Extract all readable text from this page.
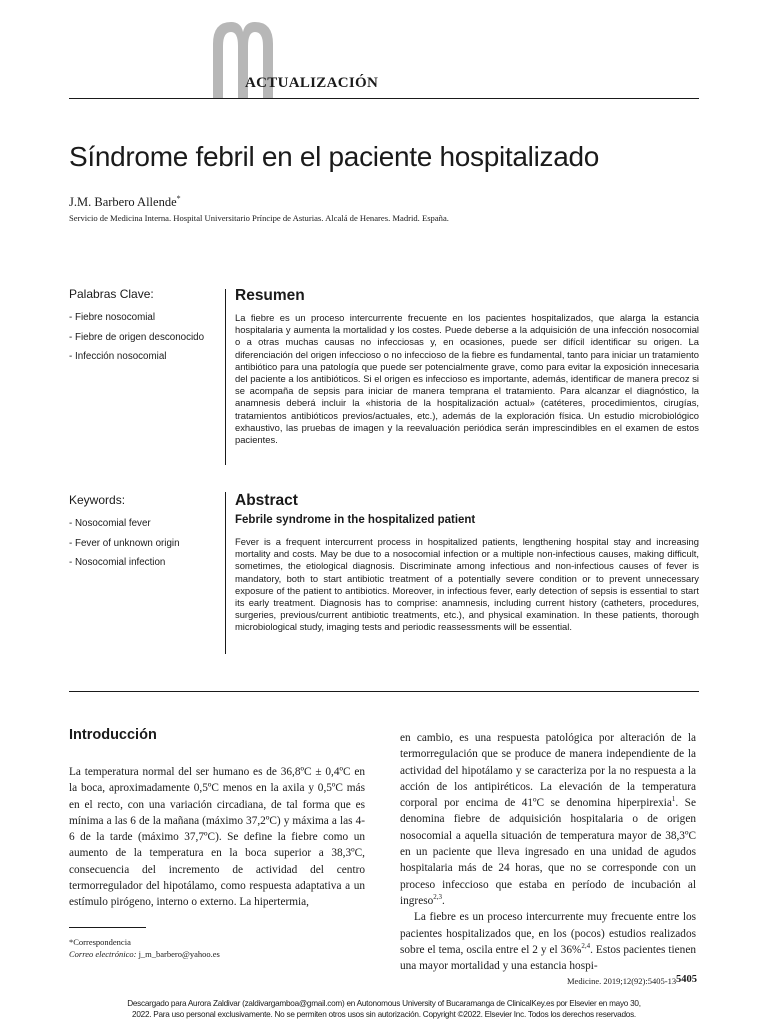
ACTUALIZACIÓN
Síndrome febril en el paciente hospitalizado
J.M. Barbero Allende*
Servicio de Medicina Interna. Hospital Universitario Príncipe de Asturias. Alcalá de Henares. Madrid. España.
Palabras Clave:
- Fiebre nosocomial
- Fiebre de origen desconocido
- Infección nosocomial
Resumen

La fiebre es un proceso intercurrente frecuente en los pacientes hospitalizados, que alarga la estancia hospitalaria y aumenta la mortalidad y los costes. Puede deberse a la adquisición de una infección nosocomial o a otras muchas causas no infecciosas y, en ocasiones, puede ser difícil identificar su origen. La diferenciación del origen infeccioso o no infeccioso de la fiebre es fundamental, tanto para iniciar un tratamiento antibiótico para una patología que puede ser potencialmente grave, como para evitar la exposición innecesaria del paciente a los antibióticos. Si el origen es infeccioso es importante, además, identificar de manera precoz si se acompaña de sepsis para iniciar de manera temprana el tratamiento. Para alcanzar el diagnóstico, la anamnesis deberá incluir la «historia de la hospitalización actual» (catéteres, procedimientos, cirugías, tratamientos antibióticos previos/actuales, etc.), además de la exploración física. Un estudio microbiológico exhaustivo, las pruebas de imagen y la reevaluación periódica serán imprescindibles en el examen de estos pacientes.

Keywords:
- Nosocomial fever
- Fever of unknown origin
- Nosocomial infection
Abstract
Febrile syndrome in the hospitalized patient

Fever is a frequent intercurrent process in hospitalized patients, lengthening hospital stay and increasing mortality and costs. May be due to a nosocomial infection or a multiple non-infectious causes, making difficult, sometimes, the etiological diagnosis. Discriminate among infectious and non-infectious causes of fever is mandatory, both to start antibiotic treatment of a potentially severe condition or to prevent unnecessary exposure of the patient to antibiotics. Moreover, in infectious fever, early detection of sepsis is essential to start its early treatment. Diagnosis has to comprise: anamnesis, including current history (catheters, procedures, surgeries, previous/current antibiotic treatments, etc.), and physical examination. In these patients, thorough microbiological study, imaging tests and periodic reassessments will be essential.

Introducción

La temperatura normal del ser humano es de 36,8ºC ± 0,4ºC en la boca, aproximadamente 0,5ºC menos en la axila y 0,5ºC más en el recto, con una variación circadiana, de tal forma que es mínima a las 6 de la mañana (máximo 37,2ºC) y máxima a las 4-6 de la tarde (máximo 37,7ºC). Se define la fiebre como un aumento de la temperatura en la boca superior a 38,3ºC, consecuencia del incremento de actividad del centro termorregulador del hipotálamo, como respuesta adaptativa a un estímulo pirógeno, interno o externo. La hipertermia,

en cambio, es una respuesta patológica por alteración de la termorregulación que se produce de manera independiente de la actividad del hipotálamo y se caracteriza por la no respuesta a la acción de los antipiréticos. La elevación de la temperatura corporal por encima de 41ºC se denomina hiperpirexia$^1$. Se denomina fiebre de adquisición hospitalaria o de origen nosocomial a aquella situación de temperatura mayor de 38,3ºC en un paciente que lleva ingresado en una unidad de agudos hospitalaria más de 24 horas, que no se corresponde con un proceso infeccioso que estaba en período de incubación al ingreso$^{2,3}$.

La fiebre es un proceso intercurrente muy frecuente entre los pacientes hospitalizados que, en los (pocos) estudios realizados sobre el tema, oscila entre el 2 y el 36%$^{2,4}$. Estos pacientes tienen una mayor mortalidad y una estancia hospi-

*Correspondencia
Correo electrónico: j_m_barbero@yahoo.es
Medicine. 2019;12(92):5405-13 5405
Descargado para Aurora Zaldivar (zaldivargamboa@gmail.com) en Autonomous University of Bucaramanga de ClinicalKey.es por Elsevier en mayo 30,
2022. Para uso personal exclusivamente. No se permiten otros usos sin autorización. Copyright ©2022. Elsevier Inc. Todos los derechos reservados.
